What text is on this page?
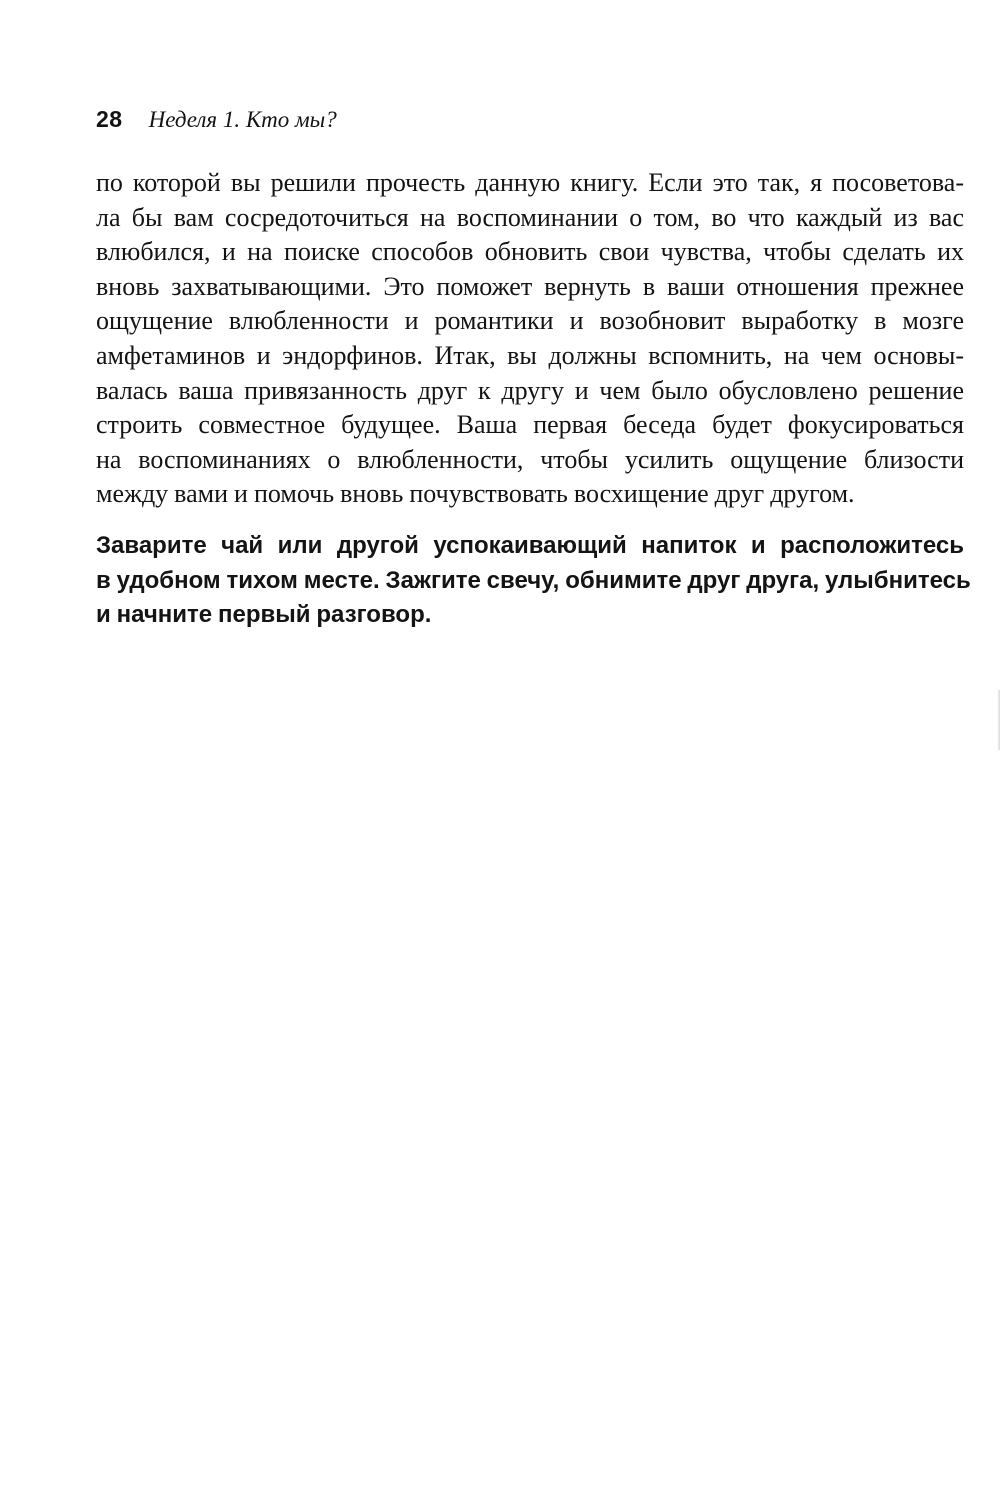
28 Неделя 1. Кто мы?

по которой вы решили прочесть данную книгу. Если это так, я посоветова-
ла бы вам сосредоточиться на воспоминании о том, во что каждый из вас
влюбился, и на поиске способов обновить свои чувства, чтобы сделать их
вновь захватывающими. Это поможет вернуть в ваши отношения прежнее
ощущение влюбленности и романтики и возобновит выработку в мозге
амфетаминов и эндорфинов. Итак, вы должны вспомнить, на чем основы-
валась ваша привязанность друг к другу и чем было обусловлено решение
строить совместное будущее. Ваша первая беседа будет фокусироваться
на воспоминаниях о влюбленности, чтобы усилить ощущение близости
между вами и помочь вновь почувствовать восхищение друг другом.

Заварите чай или другой успокаивающий напиток и расположитесь
в удобном тихом месте. Зажгите свечу, обнимите друг друга, улыбнитесь
и начните первый разговор.
